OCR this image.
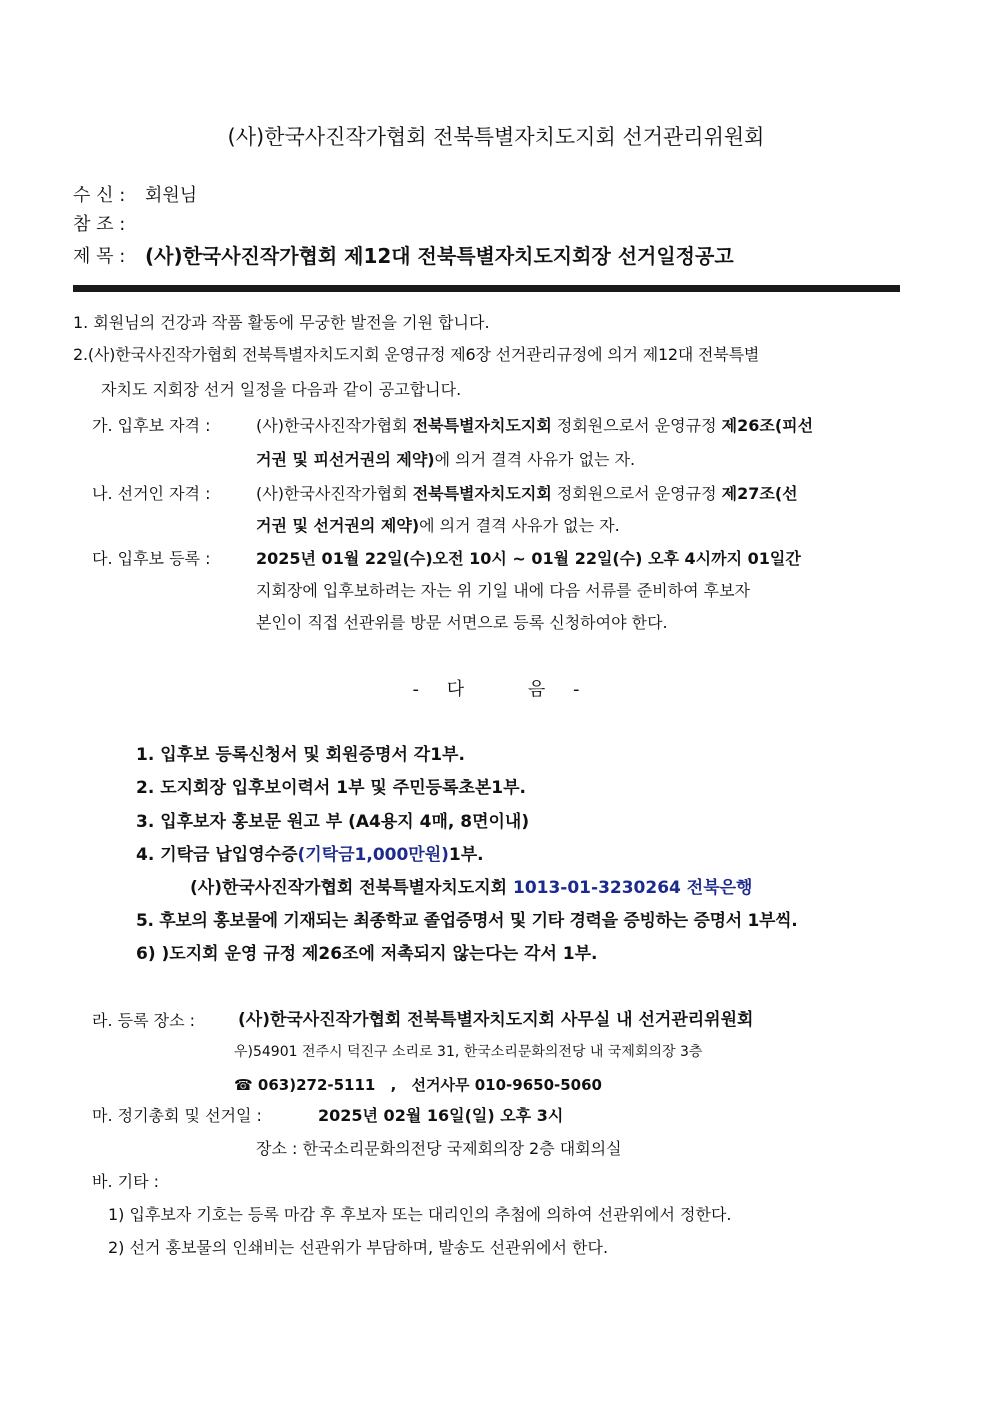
(사)한국사진작가협회 전북특별자치도지회 선거관리위원회
수 신 : 회원님
참 조 :
제 목 : (사)한국사진작가협회 제12대 전북특별자치도지회장 선거일정공고
1. 회원님의 건강과 작품 활동에 무궁한 발전을 기원 합니다.
2.(사)한국사진작가협회 전북특별자치도지회 운영규정 제6장 선거관리규정에 의거 제12대 전북특별
자치도 지회장 선거 일정을 다음과 같이 공고합니다.
가. 입후보 자격 :	(사)한국사진작가협회 전북특별자치도지회 정회원으로서 운영규정 제26조(피선
거권 및 피선거권의 제약)에 의거 결격 사유가 없는 자.
나. 선거인 자격 :	(사)한국사진작가협회 전북특별자치도지회 정회원으로서 운영규정 제27조(선
거권 및 선거권의 제약)에 의거 결격 사유가 없는 자.
다. 입후보 등록 :	2025년 01월 22일(수)오전 10시 ~ 01월 22일(수) 오후 4시까지 01일간
지회장에 입후보하려는 자는 위 기일 내에 다음 서류를 준비하여 후보자
본인이 직접 선관위를 방문 서면으로 등록 신청하여야 한다.
- 다	음 -
1. 입후보 등록신청서 및 회원증명서 각1부.
2. 도지회장 입후보이력서 1부 및 주민등록초본1부.
3. 입후보자 홍보문 원고 부 (A4용지 4매, 8면이내)
4. 기탁금 납입영수증(기탁금1,000만원)1부.
(사)한국사진작가협회 전북특별자치도지회 1013-01-3230264 전북은행
5. 후보의 홍보물에 기재되는 최종학교 졸업증명서 및 기타 경력을 증빙하는 증명서 1부씩.
6) )도지회 운영 규정 제26조에 저촉되지 않는다는 각서 1부.
라. 등록 장소 :	(사)한국사진작가협회 전북특별자치도지회 사무실 내 선거관리위원회
우)54901 전주시 덕진구 소리로 31, 한국소리문화의전당 내 국제회의장 3층
☎ 063)272-5111 , 선거사무 010-9650-5060
마. 정기총회 및 선거일 :	2025년 02월 16일(일) 오후 3시
장소 : 한국소리문화의전당 국제회의장 2층 대회의실
바. 기타 :
1) 입후보자 기호는 등록 마감 후 후보자 또는 대리인의 추첨에 의하여 선관위에서 정한다.
2) 선거 홍보물의 인쇄비는 선관위가 부담하며, 발송도 선관위에서 한다.
